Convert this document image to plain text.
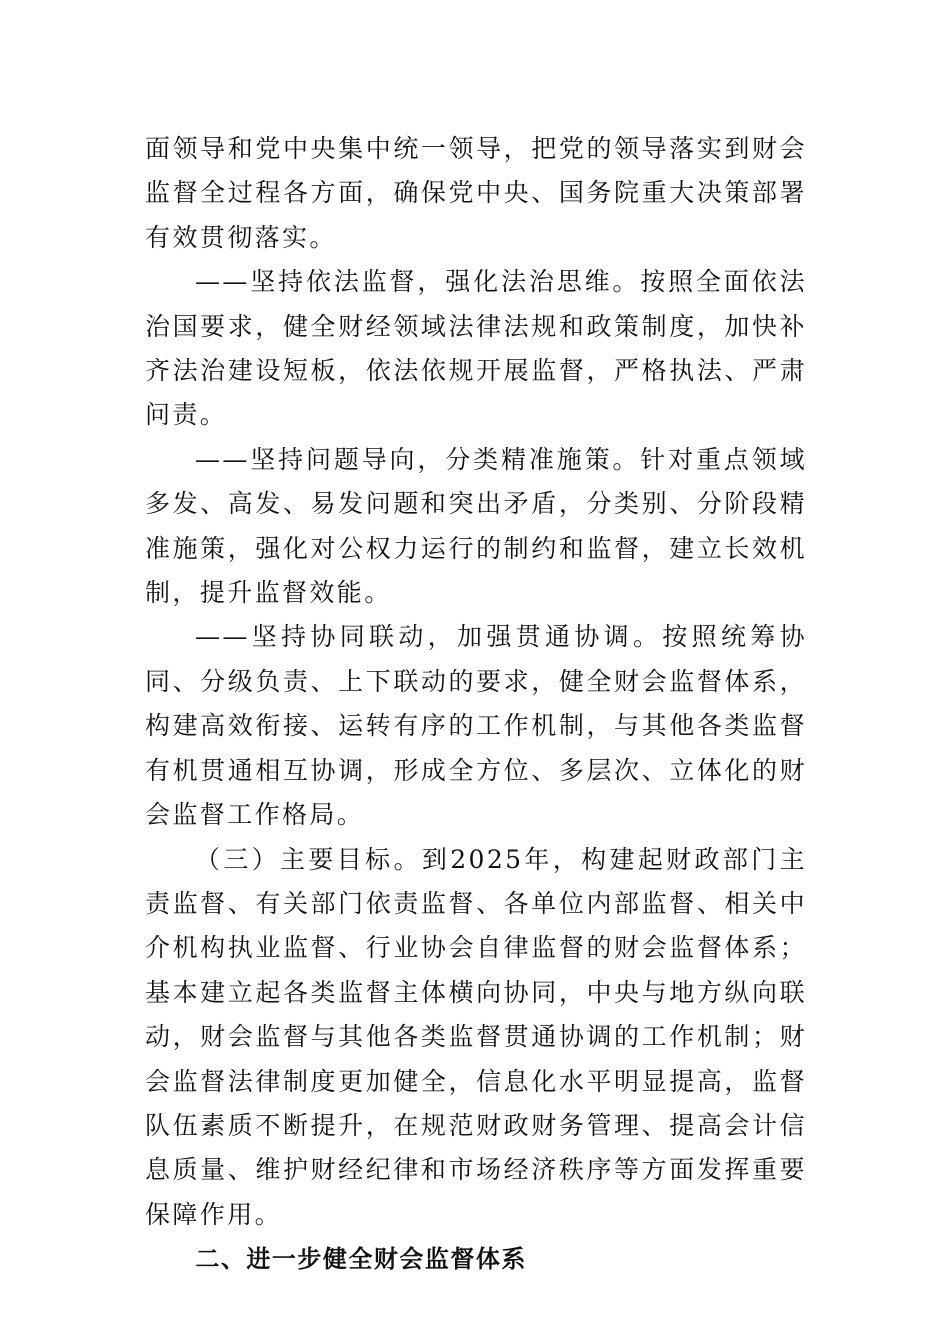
面领导和党中央集中统一领导，把党的领导落实到财会监督全过程各方面，确保党中央、国务院重大决策部署有效贯彻落实。

——坚持依法监督，强化法治思维。按照全面依法治国要求，健全财经领域法律法规和政策制度，加快补齐法治建设短板，依法依规开展监督，严格执法、严肃问责。

——坚持问题导向，分类精准施策。针对重点领域多发、高发、易发问题和突出矛盾，分类别、分阶段精准施策，强化对公权力运行的制约和监督，建立长效机制，提升监督效能。

——坚持协同联动，加强贯通协调。按照统筹协同、分级负责、上下联动的要求，健全财会监督体系，构建高效衔接、运转有序的工作机制，与其他各类监督有机贯通相互协调，形成全方位、多层次、立体化的财会监督工作格局。

（三）主要目标。到2025年，构建起财政部门主责监督、有关部门依责监督、各单位内部监督、相关中介机构执业监督、行业协会自律监督的财会监督体系；基本建立起各类监督主体横向协同，中央与地方纵向联动，财会监督与其他各类监督贯通协调的工作机制；财会监督法律制度更加健全，信息化水平明显提高，监督队伍素质不断提升，在规范财政财务管理、提高会计信息质量、维护财经纪律和市场经济秩序等方面发挥重要保障作用。

二、进一步健全财会监督体系
